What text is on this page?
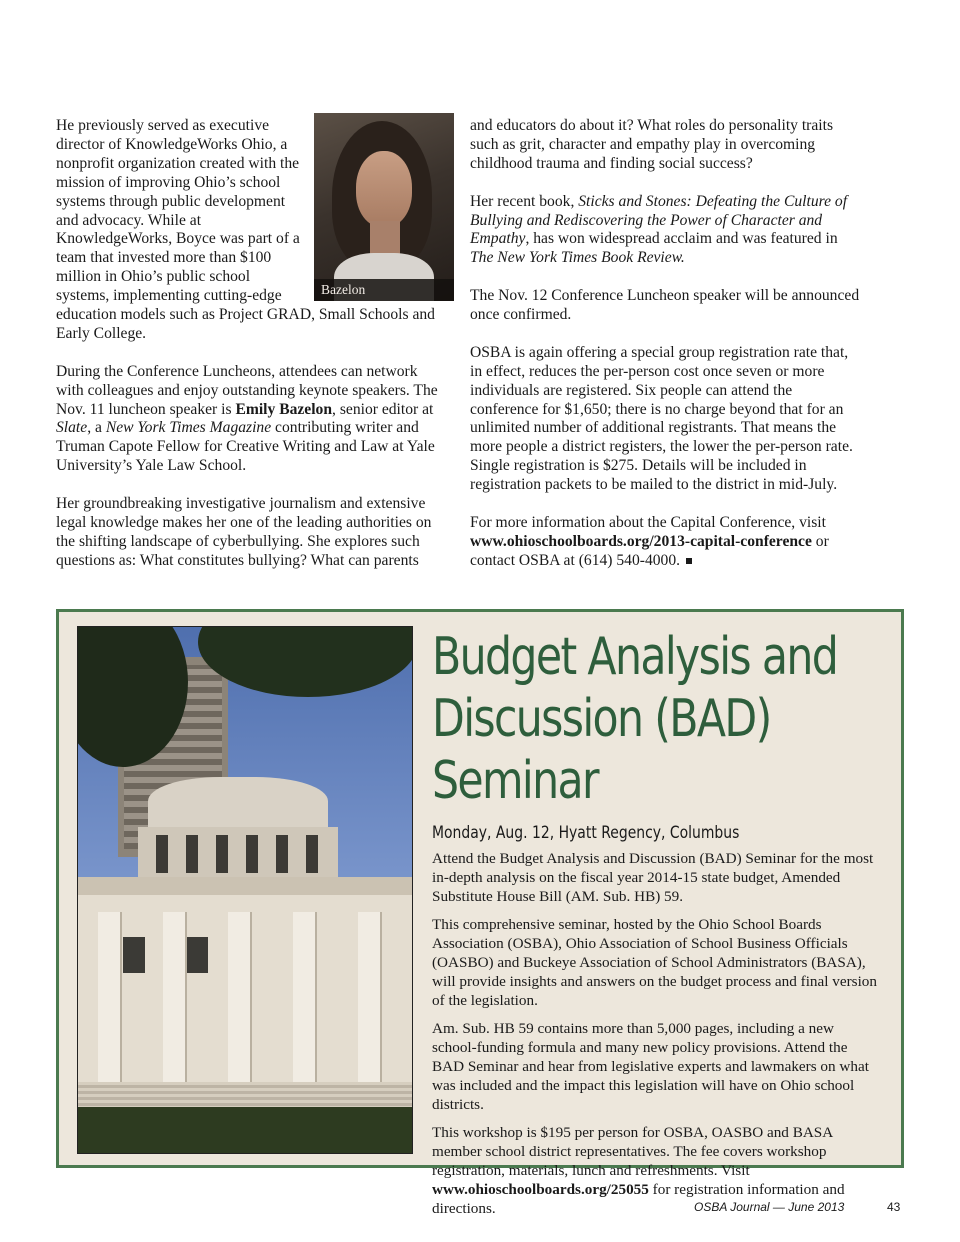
Bazelon

He previously served as executive director of KnowledgeWorks Ohio, a nonprofit organization created with the mission of improving Ohio’s school systems through public development and advocacy. While at KnowledgeWorks, Boyce was part of a team that invested more than $100 million in Ohio’s public school systems, implementing cutting-edge education models such as Project GRAD, Small Schools and Early College.

During the Conference Luncheons, attendees can network with colleagues and enjoy outstanding keynote speakers. The Nov. 11 luncheon speaker is Emily Bazelon, senior editor at Slate, a New York Times Magazine contributing writer and Truman Capote Fellow for Creative Writing and Law at Yale University’s Yale Law School.

Her groundbreaking investigative journalism and extensive legal knowledge makes her one of the leading authorities on the shifting landscape of cyberbullying. She explores such questions as: What constitutes bullying? What can parents

and educators do about it? What roles do personality traits such as grit, character and empathy play in overcoming childhood trauma and finding social success?

Her recent book, Sticks and Stones: Defeating the Culture of Bullying and Rediscovering the Power of Character and Empathy, has won widespread acclaim and was featured in The New York Times Book Review.

The Nov. 12 Conference Luncheon speaker will be announced once confirmed.

OSBA is again offering a special group registration rate that, in effect, reduces the per-person cost once seven or more individuals are registered. Six people can attend the conference for $1,650; there is no charge beyond that for an unlimited number of additional registrants. That means the more people a district registers, the lower the per-person rate. Single registration is $275. Details will be included in registration packets to be mailed to the district in mid-July.

For more information about the Capital Conference, visit www.ohioschoolboards.org/2013-capital-conference or contact OSBA at (614) 540-4000.

Budget Analysis and Discussion (BAD) Seminar
Monday, Aug. 12, Hyatt Regency, Columbus

Attend the Budget Analysis and Discussion (BAD) Seminar for the most in-depth analysis on the fiscal year 2014-15 state budget, Amended Substitute House Bill (AM. Sub. HB) 59.

This comprehensive seminar, hosted by the Ohio School Boards Association (OSBA), Ohio Association of School Business Officials (OASBO) and Buckeye Association of School Administrators (BASA), will provide insights and answers on the budget process and final version of the legislation.

Am. Sub. HB 59 contains more than 5,000 pages, including a new school-funding formula and many new policy provisions. Attend the BAD Seminar and hear from legislative experts and lawmakers on what was included and the impact this legislation will have on Ohio school districts.

This workshop is $195 per person for OSBA, OASBO and BASA member school district representatives. The fee covers workshop registration, materials, lunch and refreshments. Visit www.ohioschoolboards.org/25055 for registration information and directions.	OSBA Journal — June 2013	43
